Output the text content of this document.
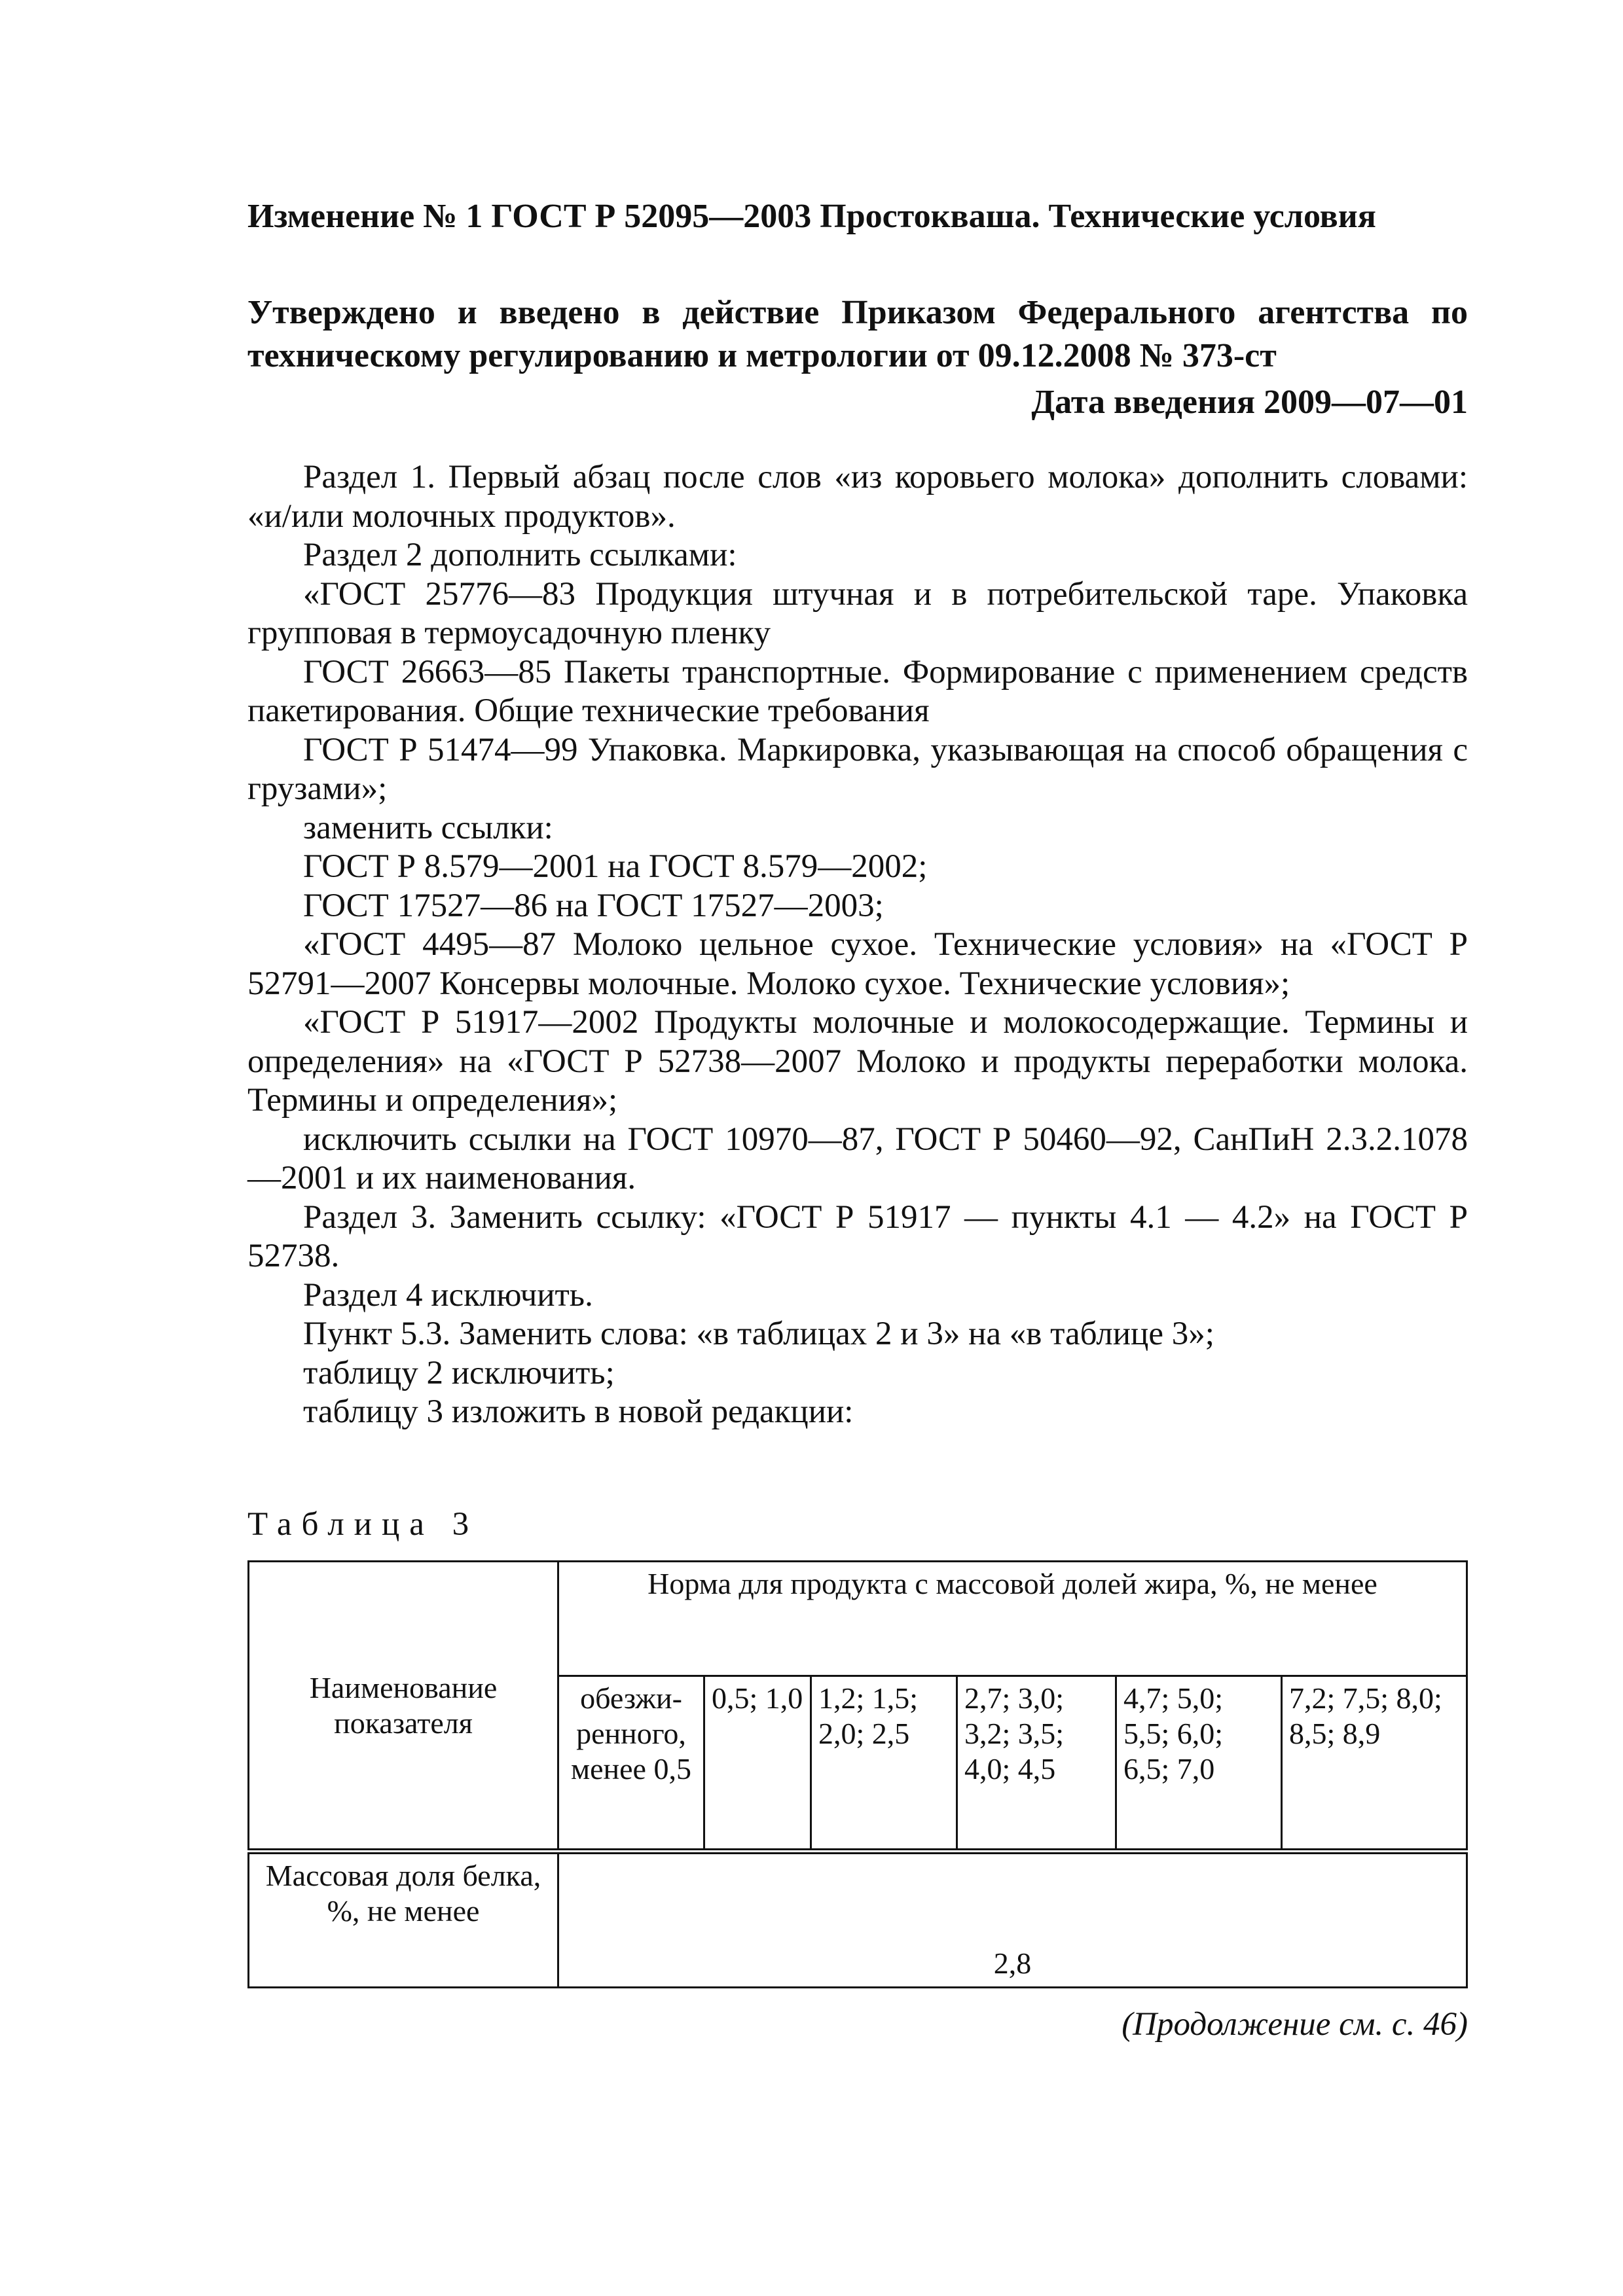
Изменение № 1 ГОСТ Р 52095—2003 Простокваша. Технические условия
Утверждено и введено в действие Приказом Федерального агентства по техническому регулированию и метрологии от 09.12.2008 № 373-ст
Дата введения 2009—07—01

Раздел 1. Первый абзац после слов «из коровьего молока» дополнить словами: «и/или молочных продуктов».

Раздел 2 дополнить ссылками:

«ГОСТ 25776—83 Продукция штучная и в потребительской таре. Упаковка групповая в термоусадочную пленку

ГОСТ 26663—85 Пакеты транспортные. Формирование с применением средств пакетирования. Общие технические требования

ГОСТ Р 51474—99 Упаковка. Маркировка, указывающая на способ обращения с грузами»;

заменить ссылки:

ГОСТ Р 8.579—2001 на ГОСТ 8.579—2002;

ГОСТ 17527—86 на ГОСТ 17527—2003;

«ГОСТ 4495—87 Молоко цельное сухое. Технические условия» на «ГОСТ Р 52791—2007 Консервы молочные. Молоко сухое. Технические условия»;

«ГОСТ Р 51917—2002 Продукты молочные и молокосодержащие. Термины и определения» на «ГОСТ Р 52738—2007 Молоко и продукты переработки молока. Термины и определения»;

исключить ссылки на ГОСТ 10970—87, ГОСТ Р 50460—92, СанПиН 2.3.2.1078—2001 и их наименования.

Раздел 3. Заменить ссылку: «ГОСТ Р 51917 — пункты 4.1 — 4.2» на ГОСТ Р 52738.

Раздел 4 исключить.

Пункт 5.3. Заменить слова: «в таблицах 2 и 3» на «в таблице 3»;

таблицу 2 исключить;

таблицу 3 изложить в новой редакции:

Таблица 3
Наименование показателя	Норма для продукта с массовой долей жира, %, не менее					
	обезжи-ренного, менее 0,5	0,5; 1,0	1,2; 1,5; 2,0; 2,5	2,7; 3,0; 3,2; 3,5; 4,0; 4,5	4,7; 5,0; 5,5; 6,0; 6,5; 7,0	7,2; 7,5; 8,0; 8,5; 8,9
Массовая доля белка, %, не менее	2,8					
(Продолжение см. с. 46)
